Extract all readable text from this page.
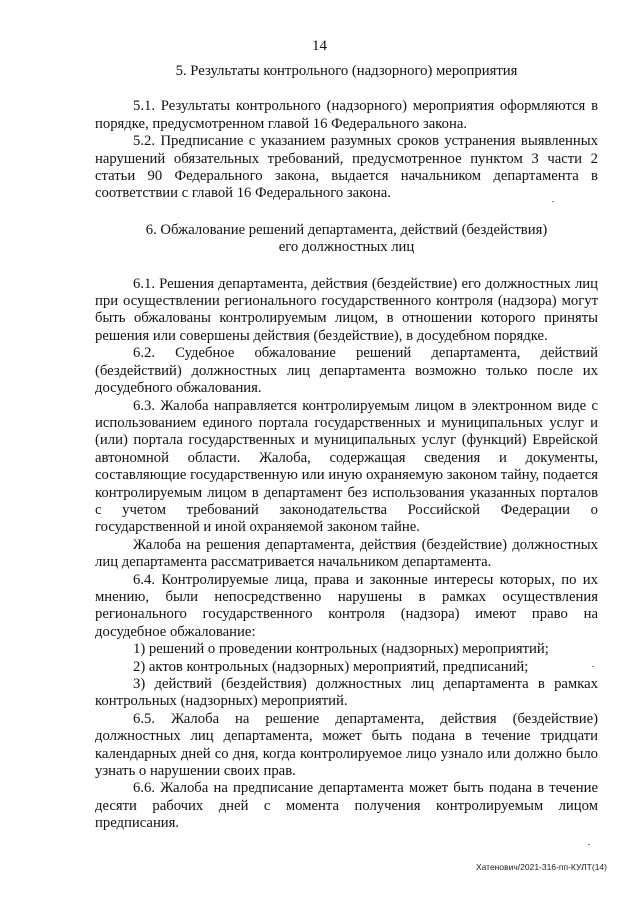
14

5. Результаты контрольного (надзорного) мероприятия

5.1. Результаты контрольного (надзорного) мероприятия оформляются в порядке, предусмотренном главой 16 Федерального закона.

5.2. Предписание с указанием разумных сроков устранения выявленных нарушений обязательных требований, предусмотренное пунктом 3 части 2 статьи 90 Федерального закона, выдается начальником департамента в соответствии с главой 16 Федерального закона.

6. Обжалование решений департамента, действий (бездействия)
его должностных лиц

6.1. Решения департамента, действия (бездействие) его должностных лиц при осуществлении регионального государственного контроля (надзора) могут быть обжалованы контролируемым лицом, в отношении которого приняты решения или совершены действия (бездействие), в досудебном порядке.

6.2. Судебное обжалование решений департамента, действий (бездействий) должностных лиц департамента возможно только после их досудебного обжалования.

6.3. Жалоба направляется контролируемым лицом в электронном виде с использованием единого портала государственных и муниципальных услуг и (или) портала государственных и муниципальных услуг (функций) Еврейской автономной области. Жалоба, содержащая сведения и документы, составляющие государственную или иную охраняемую законом тайну, подается контролируемым лицом в департамент без использования указанных порталов с учетом требований законодательства Российской Федерации о государственной и иной охраняемой законом тайне.

Жалоба на решения департамента, действия (бездействие) должностных лиц департамента рассматривается начальником департамента.

6.4. Контролируемые лица, права и законные интересы которых, по их мнению, были непосредственно нарушены в рамках осуществления регионального государственного контроля (надзора) имеют право на досудебное обжалование:

1) решений о проведении контрольных (надзорных) мероприятий;

2) актов контрольных (надзорных) мероприятий, предписаний;

3) действий (бездействия) должностных лиц департамента в рамках контрольных (надзорных) мероприятий.

6.5. Жалоба на решение департамента, действия (бездействие) должностных лиц департамента, может быть подана в течение тридцати календарных дней со дня, когда контролируемое лицо узнало или должно было узнать о нарушении своих прав.

6.6. Жалоба на предписание департамента может быть подана в течение десяти рабочих дней с момента получения контролируемым лицом предписания.

Хатенович/2021-316-пп-КУЛТ(14)
